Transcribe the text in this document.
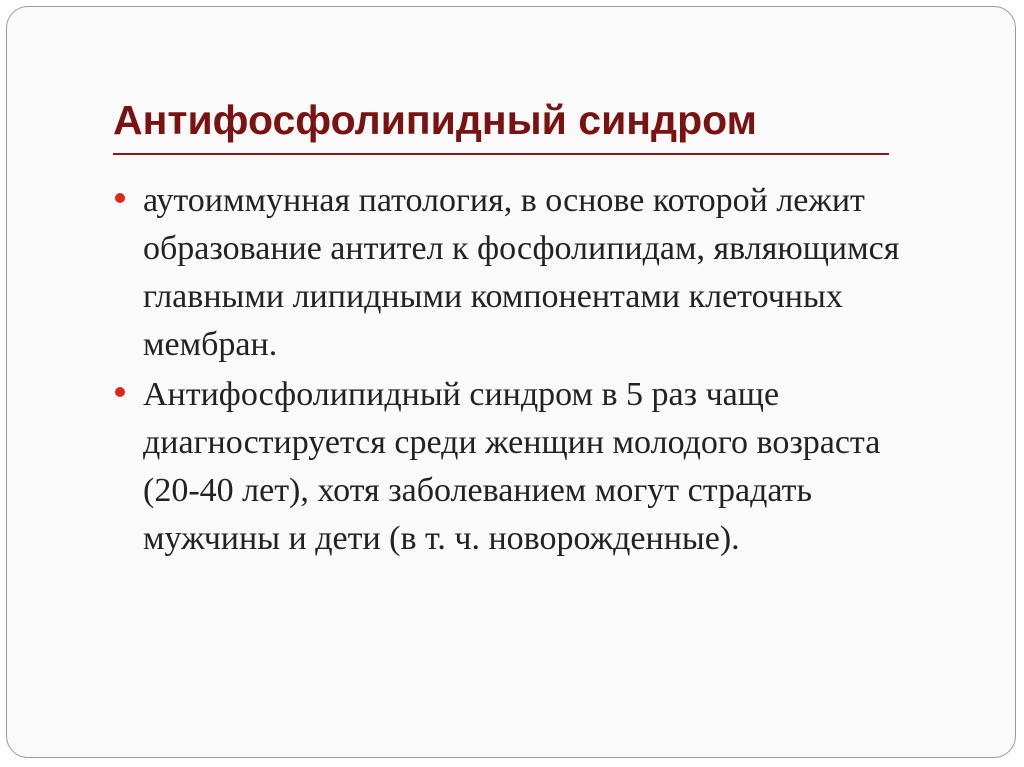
Антифосфолипидный синдром
аутоиммунная патология, в основе которой лежит образование антител к фосфолипидам, являющимся главными липидными компонентами клеточных мембран.
Антифосфолипидный синдром в 5 раз чаще диагностируется среди женщин молодого возраста (20-40 лет), хотя заболеванием могут страдать мужчины и дети (в т. ч. новорожденные).
